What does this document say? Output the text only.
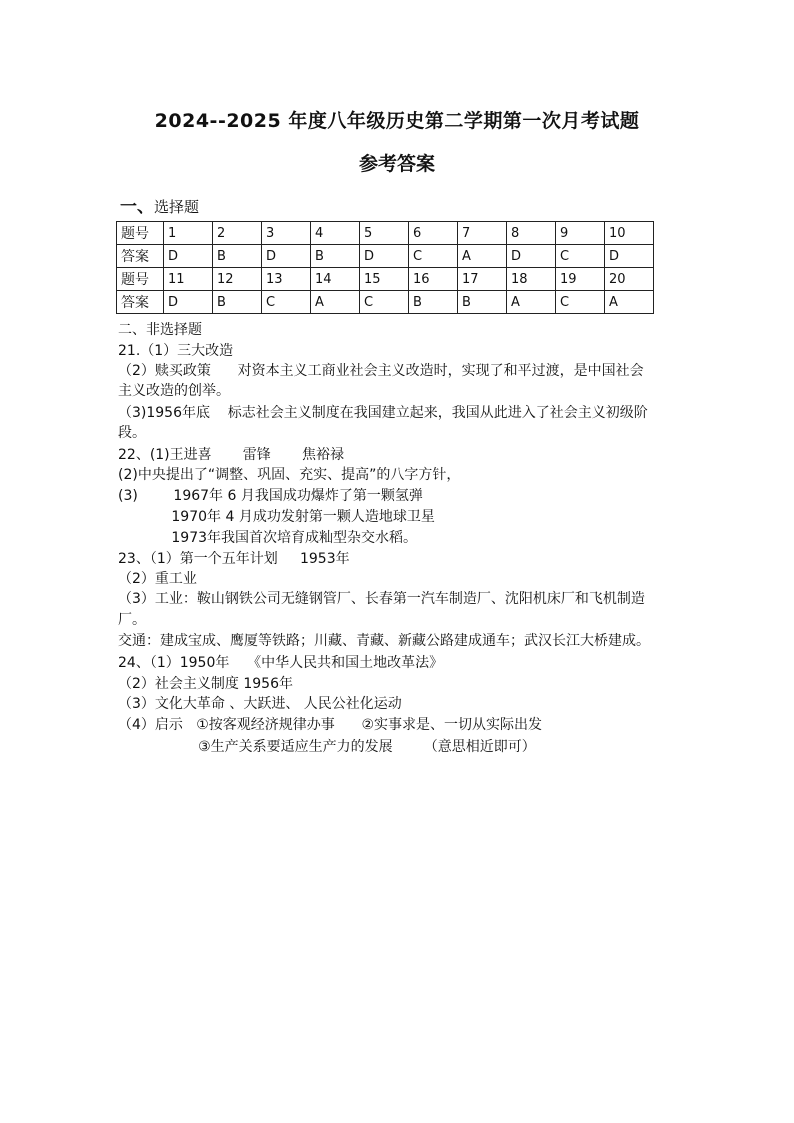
2024--2025 年度八年级历史第二学期第一次月考试题
参考答案
一、选择题
题号	1	2	3	4	5	6	7	8	9	10
答案	D	B	D	B	D	C	A	D	C	D
题号	11	12	13	14	15	16	17	18	19	20
答案	D	B	C	A	C	B	B	A	C	A
二、非选择题
21.（1）三大改造
（2）赎买政策      对资本主义工商业社会主义改造时，实现了和平过渡，是中国社会
主义改造的创举。
（3)1956年底    标志社会主义制度在我国建立起来，我国从此进入了社会主义初级阶
段。
22、(1)王进喜       雷锋       焦裕禄
(2)中央提出了“调整、巩固、充实、提高”的八字方针，
(3)        1967年 6 月我国成功爆炸了第一颗氢弹
1970年 4 月成功发射第一颗人造地球卫星
1973年我国首次培育成籼型杂交水稻。
23、（1）第一个五年计划     1953年
（2）重工业
（3）工业：鞍山钢铁公司无缝钢管厂、长春第一汽车制造厂、沈阳机床厂和飞机制造
厂。
交通：建成宝成、鹰厦等铁路；川藏、青藏、新藏公路建成通车；武汉长江大桥建成。
24、（1）1950年    《中华人民共和国土地改革法》
（2）社会主义制度 1956年
（3）文化大革命 、大跃进、 人民公社化运动
（4）启示   ①按客观经济规律办事      ②实事求是、一切从实际出发
③生产关系要适应生产力的发展       （意思相近即可）
